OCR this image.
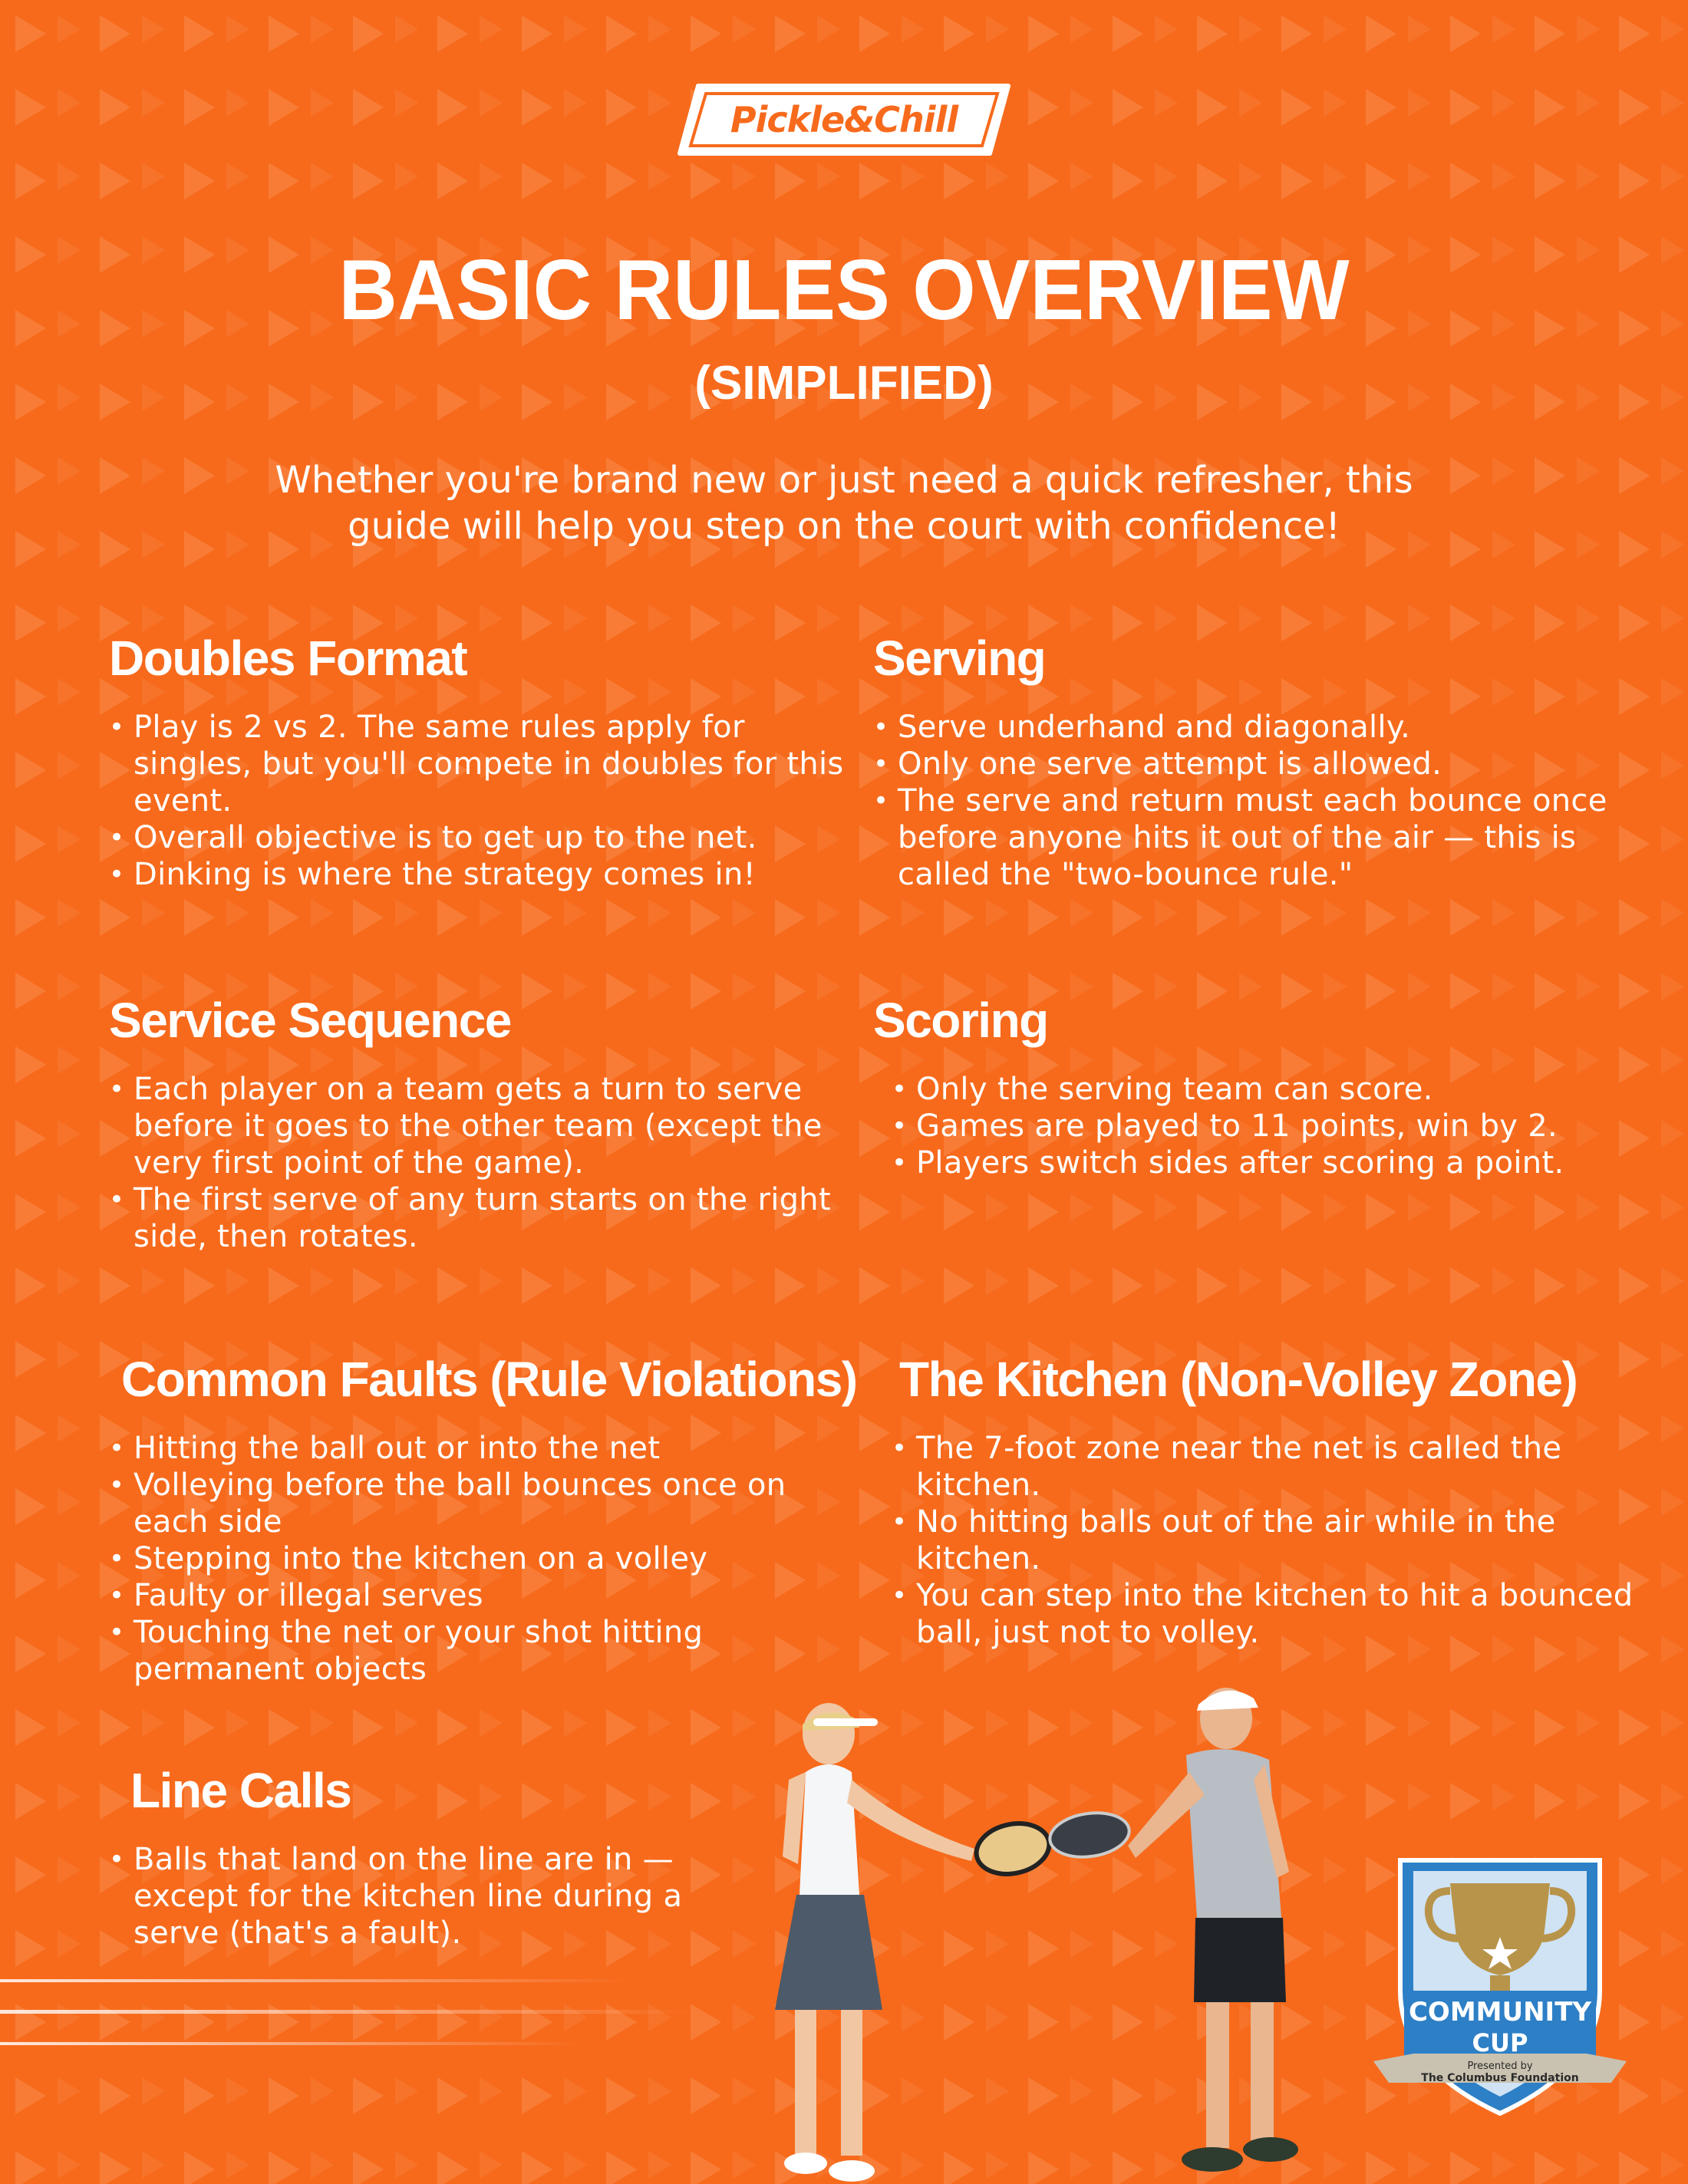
Pickle&Chill
BASIC RULES OVERVIEW
(SIMPLIFIED)
Whether you're brand new or just need a quick refresher, this
guide will help you step on the court with confidence!
Doubles Format
• Play is 2 vs 2. The same rules apply for singles, but you'll compete in doubles for this event.
• Overall objective is to get up to the net.
• Dinking is where the strategy comes in!
Serving
• Serve underhand and diagonally.
• Only one serve attempt is allowed.
• The serve and return must each bounce once before anyone hits it out of the air — this is called the "two-bounce rule."
Service Sequence
• Each player on a team gets a turn to serve before it goes to the other team (except the very first point of the game).
• The first serve of any turn starts on the right side, then rotates.
Scoring
• Only the serving team can score.
• Games are played to 11 points, win by 2.
• Players switch sides after scoring a point.
Common Faults (Rule Violations)
• Hitting the ball out or into the net
• Volleying before the ball bounces once on each side
• Stepping into the kitchen on a volley
• Faulty or illegal serves
• Touching the net or your shot hitting permanent objects
The Kitchen (Non-Volley Zone)
• The 7-foot zone near the net is called the kitchen.
• No hitting balls out of the air while in the kitchen.
• You can step into the kitchen to hit a bounced ball, just not to volley.
Line Calls
• Balls that land on the line are in — except for the kitchen line during a serve (that's a fault).
COMMUNITY
CUP
Presented by
The Columbus Foundation
